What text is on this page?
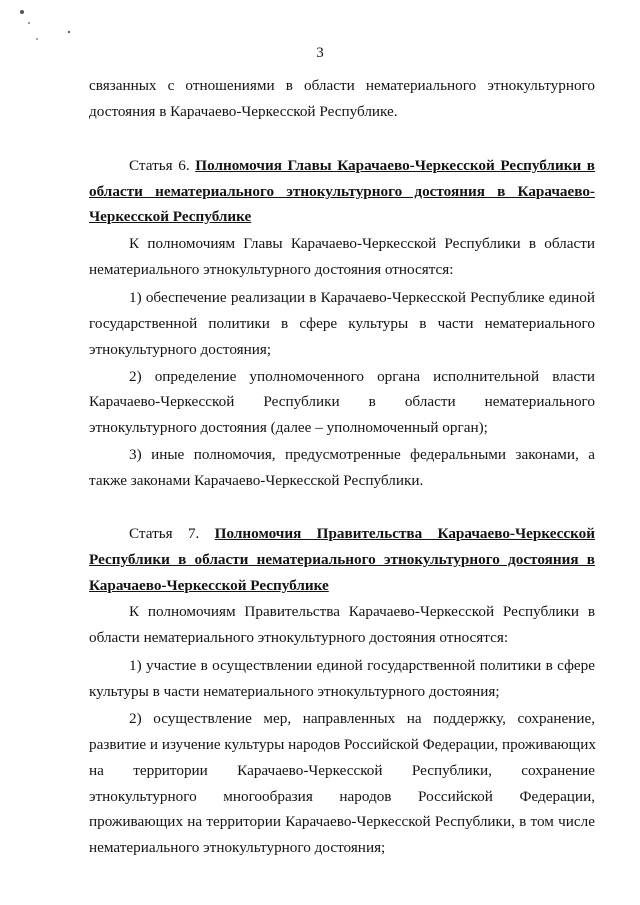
3
связанных с отношениями в области нематериального этнокультурного
достояния в Карачаево-Черкесской Республике.
Статья 6. Полномочия Главы Карачаево-Черкесской Республики в
области нематериального этнокультурного достояния в Карачаево-
Черкесской Республике
К полномочиям Главы Карачаево-Черкесской Республики в области
нематериального этнокультурного достояния относятся:
1) обеспечение реализации в Карачаево-Черкесской Республике единой
государственной политики в сфере культуры в части нематериального
этнокультурного достояния;
2) определение уполномоченного органа исполнительной власти
Карачаево-Черкесской Республики в области нематериального
этнокультурного достояния (далее – уполномоченный орган);
3) иные полномочия, предусмотренные федеральными законами, а
также законами Карачаево-Черкесской Республики.
Статья 7. Полномочия Правительства Карачаево-Черкесской
Республики в области нематериального этнокультурного достояния в
Карачаево-Черкесской Республике
К полномочиям Правительства Карачаево-Черкесской Республики в
области нематериального этнокультурного достояния относятся:
1) участие в осуществлении единой государственной политики в сфере
культуры в части нематериального этнокультурного достояния;
2) осуществление мер, направленных на поддержку, сохранение,
развитие и изучение культуры народов Российской Федерации, проживающих
на территории Карачаево-Черкесской Республики, сохранение
этнокультурного многообразия народов Российской Федерации,
проживающих на территории Карачаево-Черкесской Республики, в том числе
нематериального этнокультурного достояния;
